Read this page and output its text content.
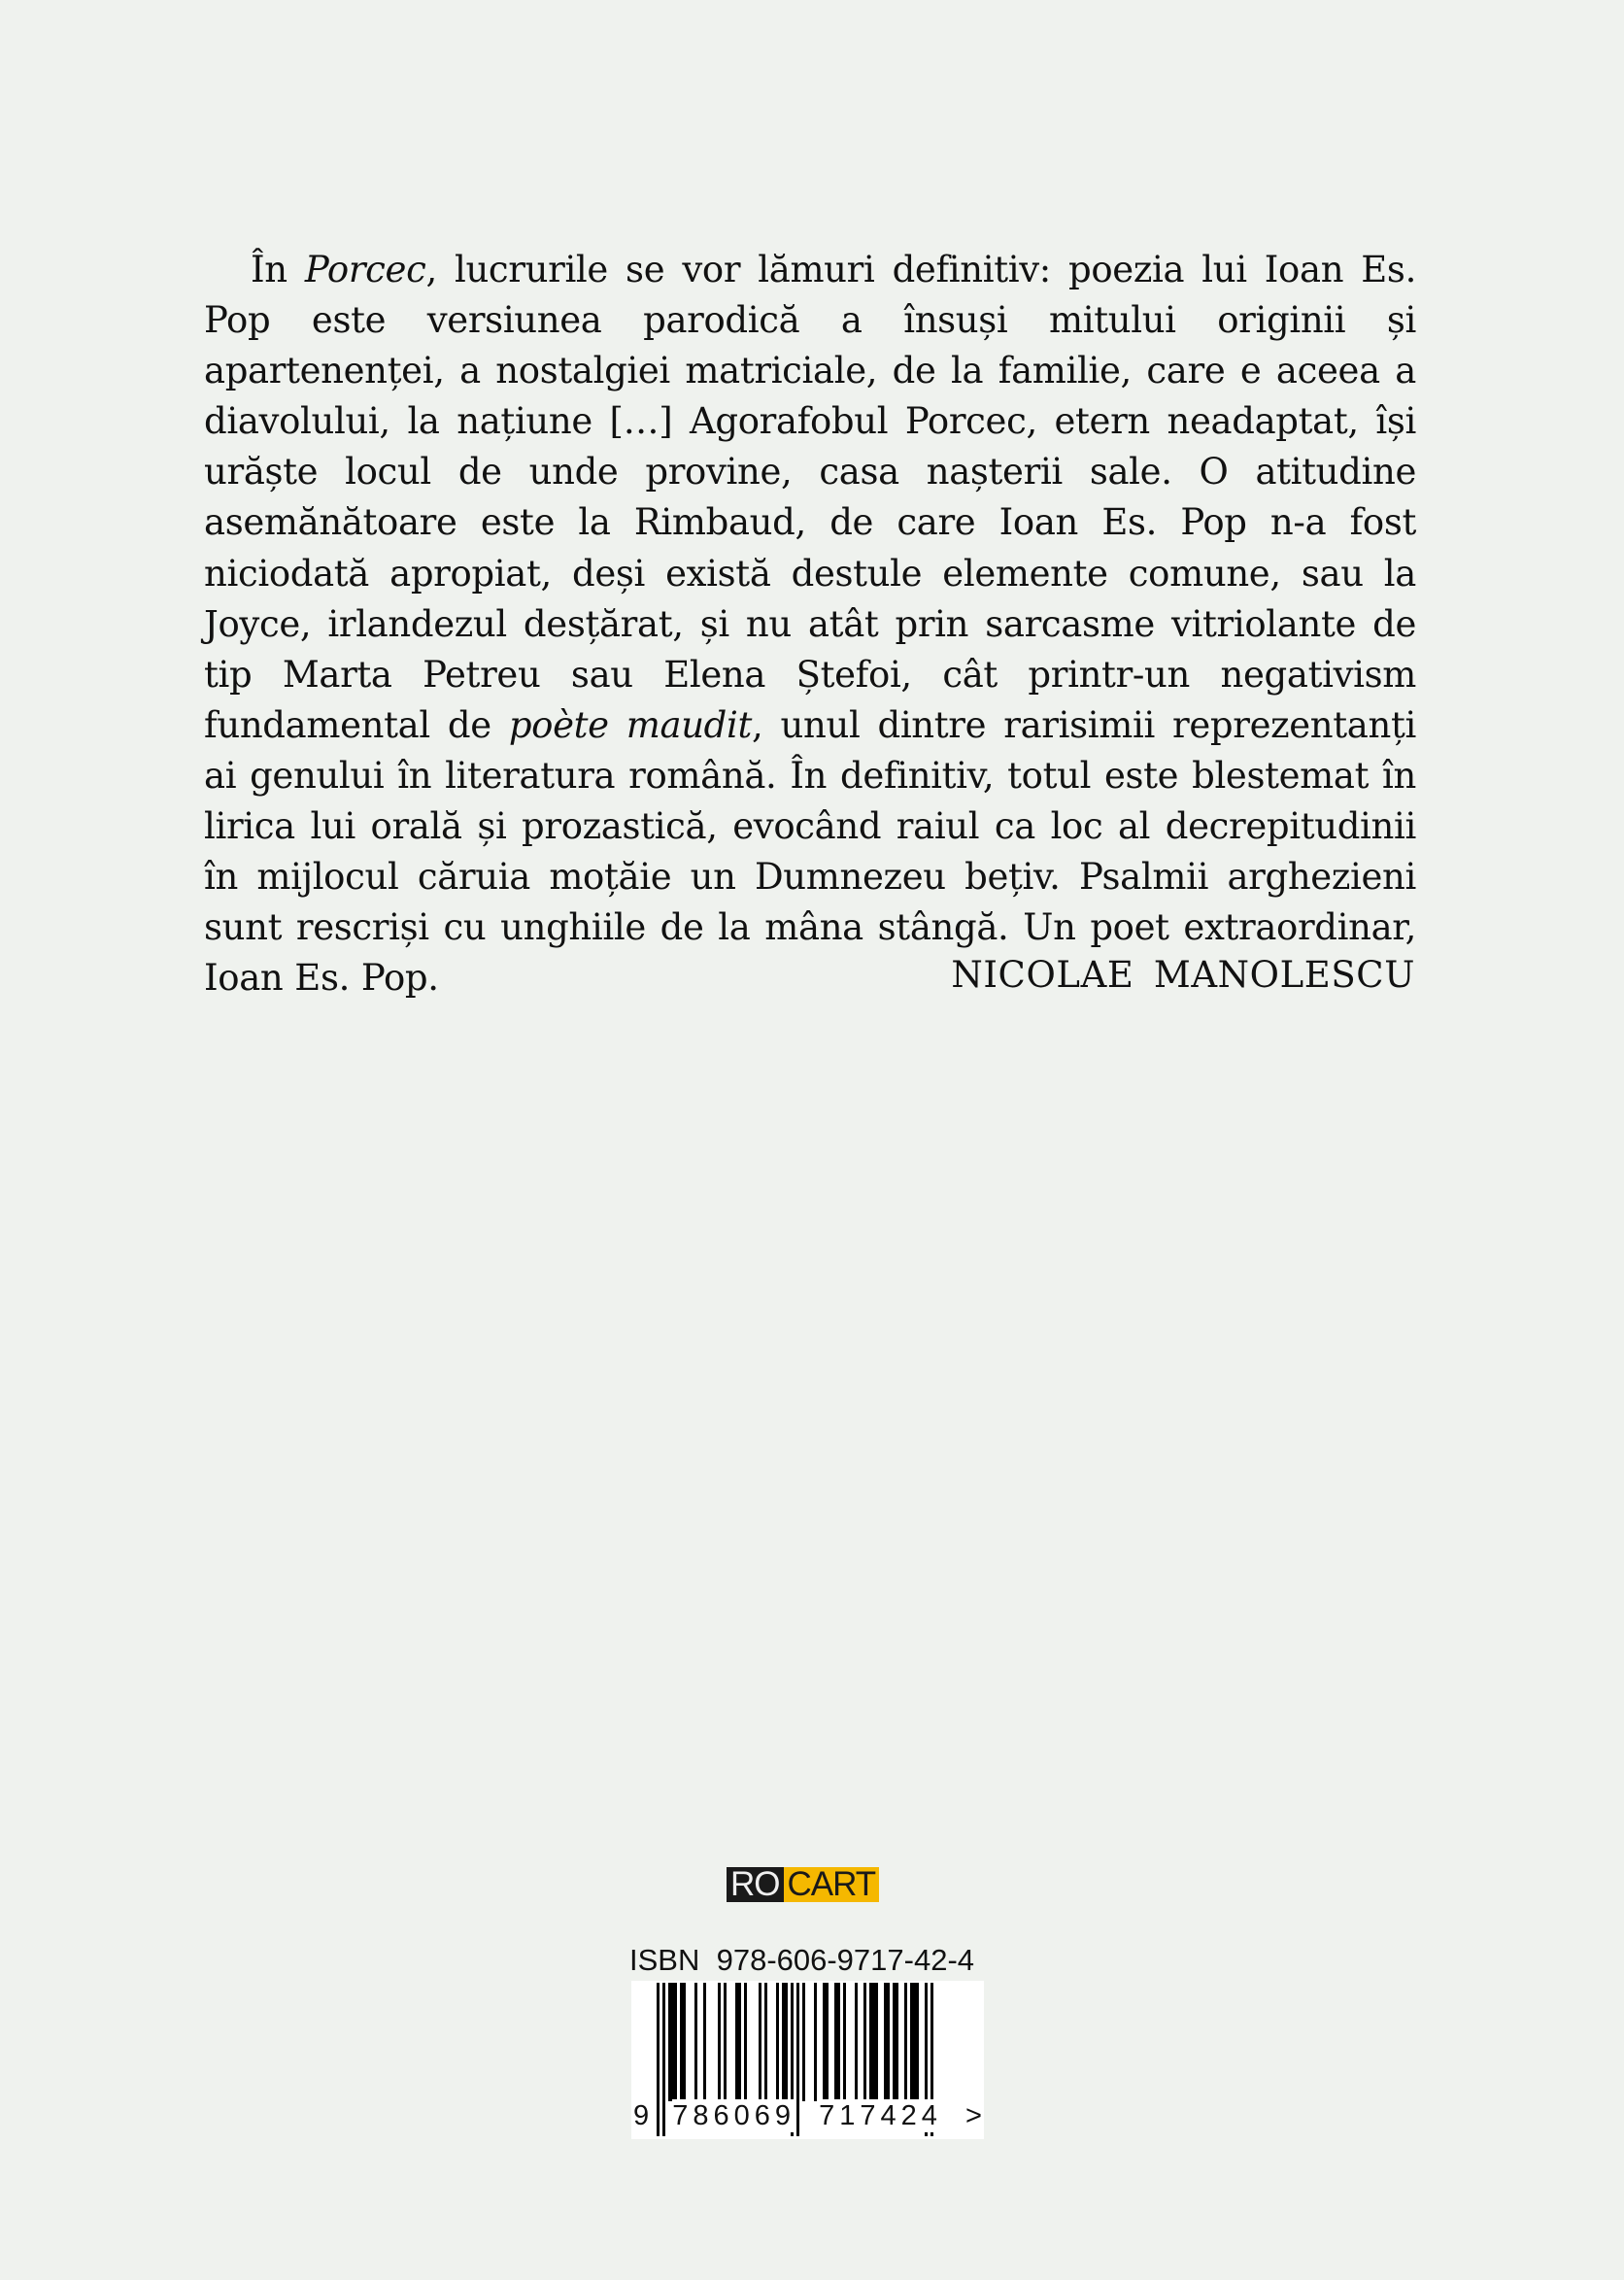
În Porcec, lucrurile se vor lămuri definitiv: poezia lui Ioan Es. Pop este versiunea parodică a însuși mitului originii și apartenenței, a nostalgiei matriciale, de la familie, care e aceea a diavolului, la națiune […] Agorafobul Porcec, etern neadaptat, își urăște locul de unde provine, casa nașterii sale. O atitudine asemănătoare este la Rimbaud, de care Ioan Es. Pop n-a fost niciodată apropiat, deși există destule elemente comune, sau la Joyce, irlandezul desțărat, și nu atât prin sarcasme vitriolante de tip Marta Petreu sau Elena Ștefoi, cât printr-un negativism fundamental de poète maudit, unul dintre rarisimii reprezentanți ai genului în literatura română. În definitiv, totul este blestemat în lirica lui orală și prozastică, evocând raiul ca loc al decrepitudinii în mijlocul căruia moțăie un Dumnezeu bețiv. Psalmii arghezieni sunt rescriși cu unghiile de la mâna stângă. Un poet extraordinar, Ioan Es. Pop.	NICOLAE MANOLESCU
RO CART
ISBN 978-606-9717-42-4
9 786069 717424 >
